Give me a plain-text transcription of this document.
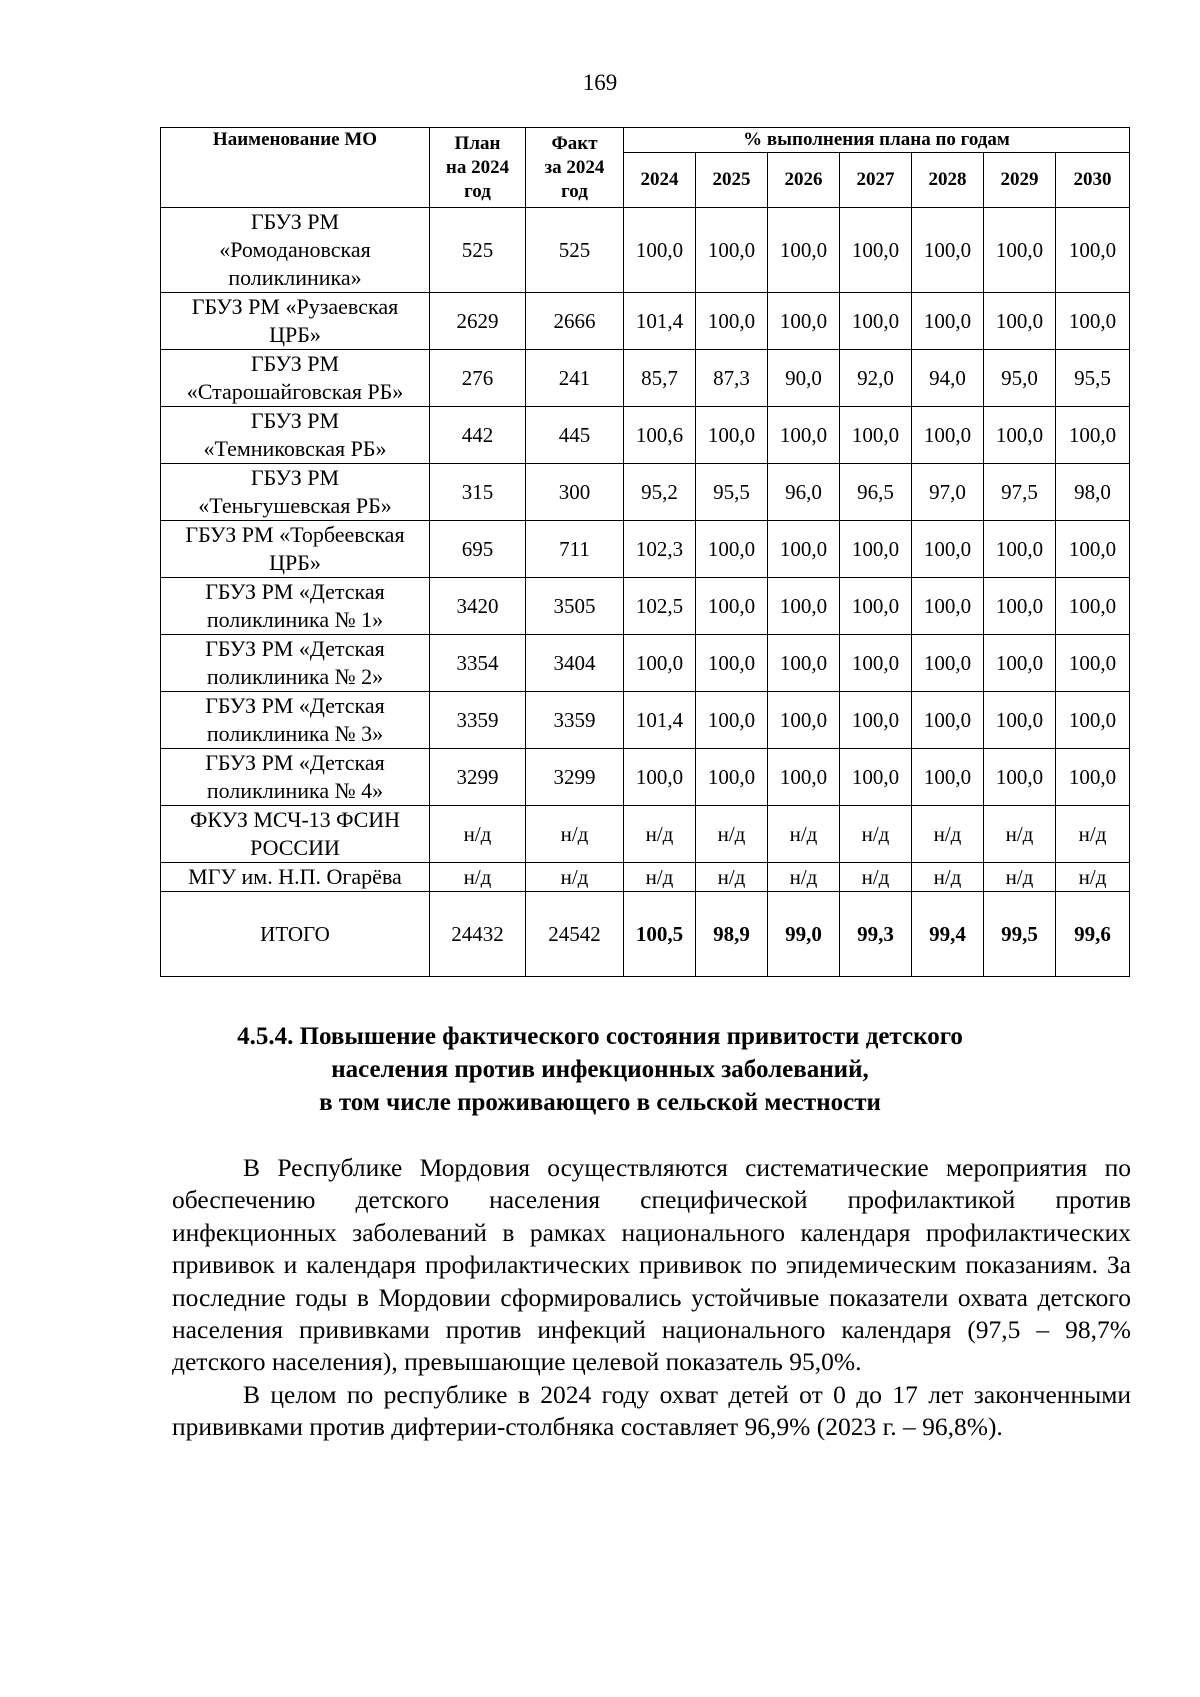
169
Наименование МО	План
на 2024
год	Факт
за 2024
год	% выполнения плана по годам						
			2024	2025	2026	2027	2028	2029	2030

ГБУЗ РМ
«Ромодановская
поликлиника»	525	525	100,0	100,0	100,0	100,0	100,0	100,0	100,0

ГБУЗ РМ «Рузаевская
ЦРБ»	2629	2666	101,4	100,0	100,0	100,0	100,0	100,0	100,0

ГБУЗ РМ
«Старошайговская РБ»	276	241	85,7	87,3	90,0	92,0	94,0	95,0	95,5

ГБУЗ РМ
«Темниковская РБ»	442	445	100,6	100,0	100,0	100,0	100,0	100,0	100,0

ГБУЗ РМ
«Теньгушевская РБ»	315	300	95,2	95,5	96,0	96,5	97,0	97,5	98,0

ГБУЗ РМ «Торбеевская
ЦРБ»	695	711	102,3	100,0	100,0	100,0	100,0	100,0	100,0

ГБУЗ РМ «Детская
поликлиника № 1»	3420	3505	102,5	100,0	100,0	100,0	100,0	100,0	100,0

ГБУЗ РМ «Детская
поликлиника № 2»	3354	3404	100,0	100,0	100,0	100,0	100,0	100,0	100,0

ГБУЗ РМ «Детская
поликлиника № 3»	3359	3359	101,4	100,0	100,0	100,0	100,0	100,0	100,0

ГБУЗ РМ «Детская
поликлиника № 4»	3299	3299	100,0	100,0	100,0	100,0	100,0	100,0	100,0

ФКУЗ МСЧ-13 ФСИН
РОССИИ	н/д	н/д	н/д	н/д	н/д	н/д	н/д	н/д	н/д

МГУ им. Н.П. Огарёва	н/д	н/д	н/д	н/д	н/д	н/д	н/д	н/д	н/д
ИТОГО	24432	24542	100,5	98,9	99,0	99,3	99,4	99,5	99,6
4.5.4. Повышение фактического состояния привитости детского
населения против инфекционных заболеваний,
в том числе проживающего в сельской местности

В Республике Мордовия осуществляются систематические мероприятия по обеспечению детского населения специфической профилактикой против инфекционных заболеваний в рамках национального календаря профилактических прививок и календаря профилактических прививок по эпидемическим показаниям. За последние годы в Мордовии сформировались устойчивые показатели охвата детского населения прививками против инфекций национального календаря (97,5 – 98,7% детского населения), превышающие целевой показатель 95,0%.

В целом по республике в 2024 году охват детей от 0 до 17 лет законченными прививками против дифтерии-столбняка составляет 96,9% (2023 г. – 96,8%).
